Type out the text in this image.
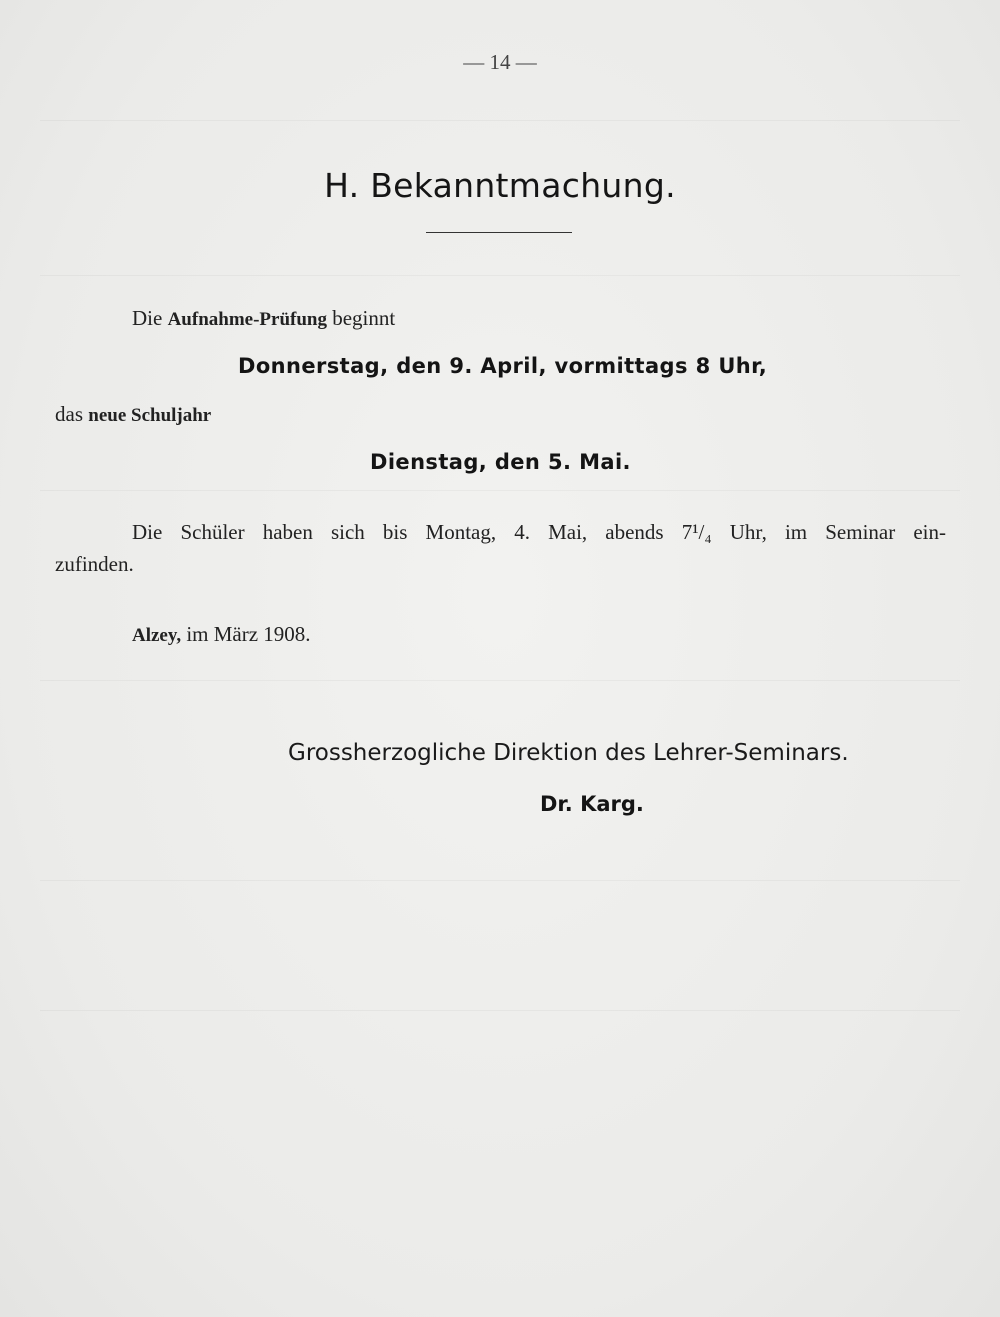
— 14 —
H. Bekanntmachung.
Die Aufnahme-Prüfung beginnt
Donnerstag, den 9. April, vormittags 8 Uhr,
das neue Schuljahr
Dienstag, den 5. Mai.
Die Schüler haben sich bis Montag, 4. Mai, abends 7¹/₄ Uhr, im Seminar ein-
zufinden.
Alzey, im März 1908.
Grossherzogliche Direktion des Lehrer-Seminars.
Dr. Karg.
